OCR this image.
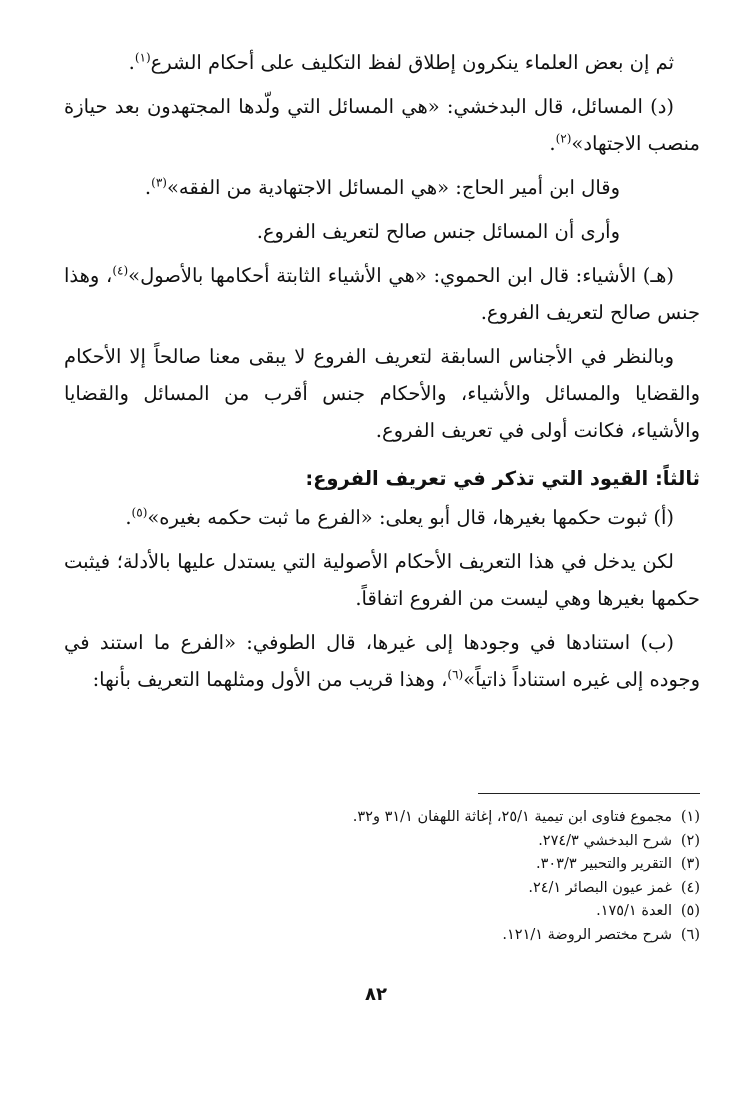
ثم إن بعض العلماء ينكرون إطلاق لفظ التكليف على أحكام الشرع$^{(١)}$.

(د) المسائل، قال البدخشي: «هي المسائل التي ولّدها المجتهدون بعد حيازة منصب الاجتهاد»$^{(٢)}$.

وقال ابن أمير الحاج: «هي المسائل الاجتهادية من الفقه»$^{(٣)}$.

وأرى أن المسائل جنس صالح لتعريف الفروع.

(هـ) الأشياء: قال ابن الحموي: «هي الأشياء الثابتة أحكامها بالأصول»$^{(٤)}$، وهذا جنس صالح لتعريف الفروع.

وبالنظر في الأجناس السابقة لتعريف الفروع لا يبقى معنا صالحاً إلا الأحكام والقضايا والمسائل والأشياء، والأحكام جنس أقرب من المسائل والقضايا والأشياء، فكانت أولى في تعريف الفروع.

ثالثاً: القيود التي تذكر في تعريف الفروع:

(أ) ثبوت حكمها بغيرها، قال أبو يعلى: «الفرع ما ثبت حكمه بغيره»$^{(٥)}$.

لكن يدخل في هذا التعريف الأحكام الأصولية التي يستدل عليها بالأدلة؛ فيثبت حكمها بغيرها وهي ليست من الفروع اتفاقاً.

(ب) استنادها في وجودها إلى غيرها، قال الطوفي: «الفرع ما استند في وجوده إلى غيره استناداً ذاتياً»$^{(٦)}$، وهذا قريب من الأول ومثلهما التعريف بأنها:

(١)مجموع فتاوى ابن تيمية ٢٥/١، إغاثة اللهفان ٣١/١ و٣٢.

(٢)شرح البدخشي ٢٧٤/٣.

(٣)التقرير والتحبير ٣٠٣/٣.

(٤)غمز عيون البصائر ٢٤/١.

(٥)العدة ١٧٥/١.

(٦)شرح مختصر الروضة ١٢١/١.

٨٢
